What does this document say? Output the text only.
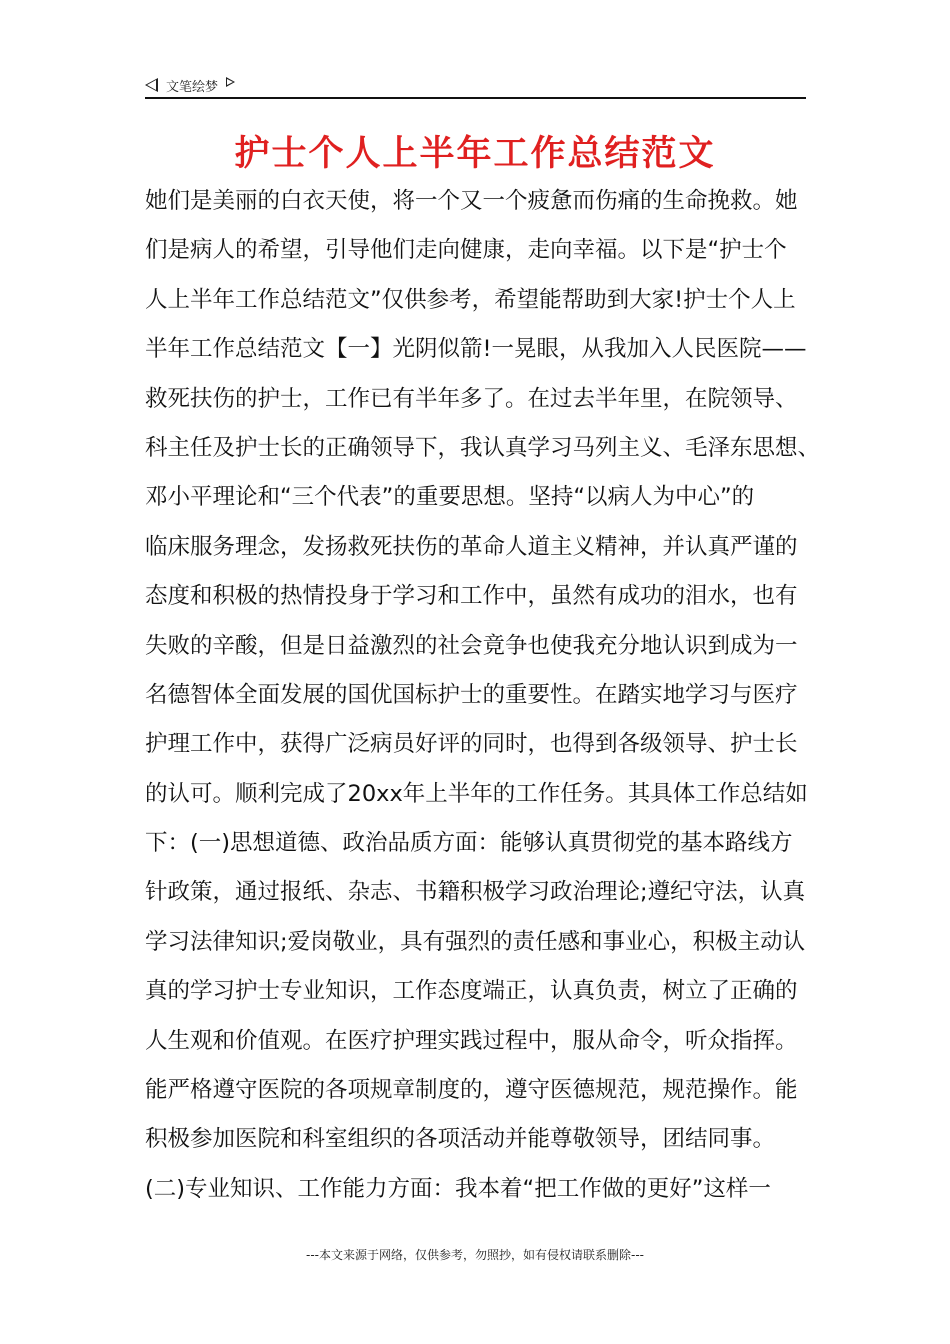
文笔绘梦
护士个人上半年工作总结范文
她们是美丽的白衣天使，将一个又一个疲惫而伤痛的生命挽救。她
们是病人的希望，引导他们走向健康，走向幸福。以下是“护士个
人上半年工作总结范文”仅供参考，希望能帮助到大家!护士个人上
半年工作总结范文【一】光阴似箭!一晃眼，从我加入人民医院——
救死扶伤的护士，工作已有半年多了。在过去半年里，在院领导、
科主任及护士长的正确领导下，我认真学习马列主义、毛泽东思想、
邓小平理论和“三个代表”的重要思想。坚持“以病人为中心”的
临床服务理念，发扬救死扶伤的革命人道主义精神，并认真严谨的
态度和积极的热情投身于学习和工作中，虽然有成功的泪水，也有
失败的辛酸，但是日益激烈的社会竟争也使我充分地认识到成为一
名德智体全面发展的国优国标护士的重要性。在踏实地学习与医疗
护理工作中，获得广泛病员好评的同时，也得到各级领导、护士长
的认可。顺利完成了20xx年上半年的工作任务。其具体工作总结如
下：(一)思想道德、政治品质方面：能够认真贯彻党的基本路线方
针政策，通过报纸、杂志、书籍积极学习政治理论;遵纪守法，认真
学习法律知识;爱岗敬业，具有强烈的责任感和事业心，积极主动认
真的学习护士专业知识，工作态度端正，认真负责，树立了正确的
人生观和价值观。在医疗护理实践过程中，服从命令，听众指挥。
能严格遵守医院的各项规章制度的，遵守医德规范，规范操作。能
积极参加医院和科室组织的各项活动并能尊敬领导，团结同事。
(二)专业知识、工作能力方面：我本着“把工作做的更好”这样一
---本文来源于网络，仅供参考，勿照抄，如有侵权请联系删除---
